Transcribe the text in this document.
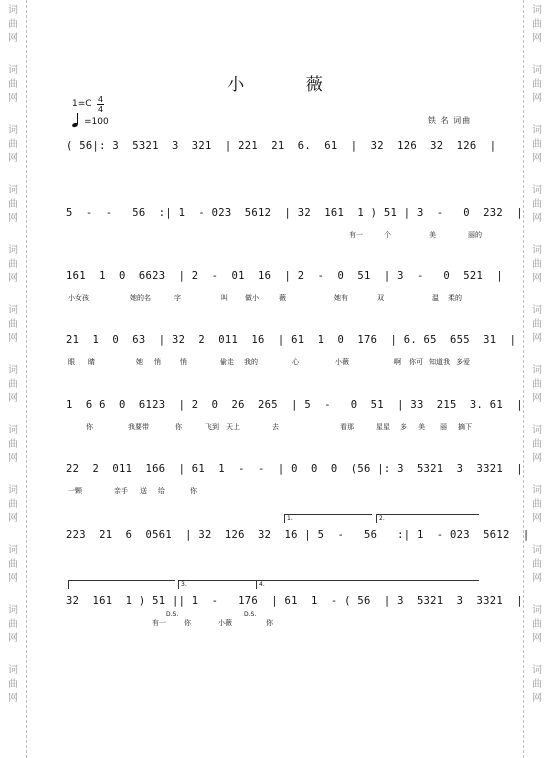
词
曲
网
词
曲
网
词
曲
网
词
曲
网
词
曲
网
词
曲
网
词
曲
网
词
曲
网
词
曲
网
词
曲
网
词
曲
网
词
曲
网
词
曲
网
词
曲
网
词
曲
网
词
曲
网
词
曲
网
词
曲
网
词
曲
网
词
曲
网
词
曲
网
词
曲
网
词
曲
网
词
曲
网
小 薇
1=C 4
4
=100	铁 名 词曲
( 56|: 3  5321  3  321  | 221  21  6.  61  |  32  126  32  126  |
5  -  -   56  :| 1  - 023  5612  | 32  161  1 ) 51 | 3  -   0  232  |
有一	个	美	丽的
161  1  0  6623  | 2  -  01  16  | 2  -  0  51  | 3  -   0  521  |
小女孩	她的名	字	叫 做小	薇	她有	双	温 柔的
21  1  0  63  | 32  2  011  16  | 61  1  0  176  | 6. 65  655  31  |
眼 睛	她 悄	悄	偷走 我的	心	小薇	啊 你可 知道我 多爱
1  6 6  0  6123  | 2  0  26  265  | 5  -   0  51  | 33  215  3. 61  |
你	我要带	你	飞到 天上	去	看那	星星 多 美 丽 摘下
22  2  011  166  | 61  1  -  -  | 0  0  0  (56 |: 3  5321  3  3321  |
一颗	亲手 送 给	你
223  21  6  0561  | 32  126  32  16 | 5  -   56   :| 1  - 023  5612  |
32  161  1 ) 51 || 1  -   176  | 61  1  - ( 56  | 3  5321  3  3321  |
有一	你	小薇	你
1.	2.
3.	4.
D.S.	D.S.
